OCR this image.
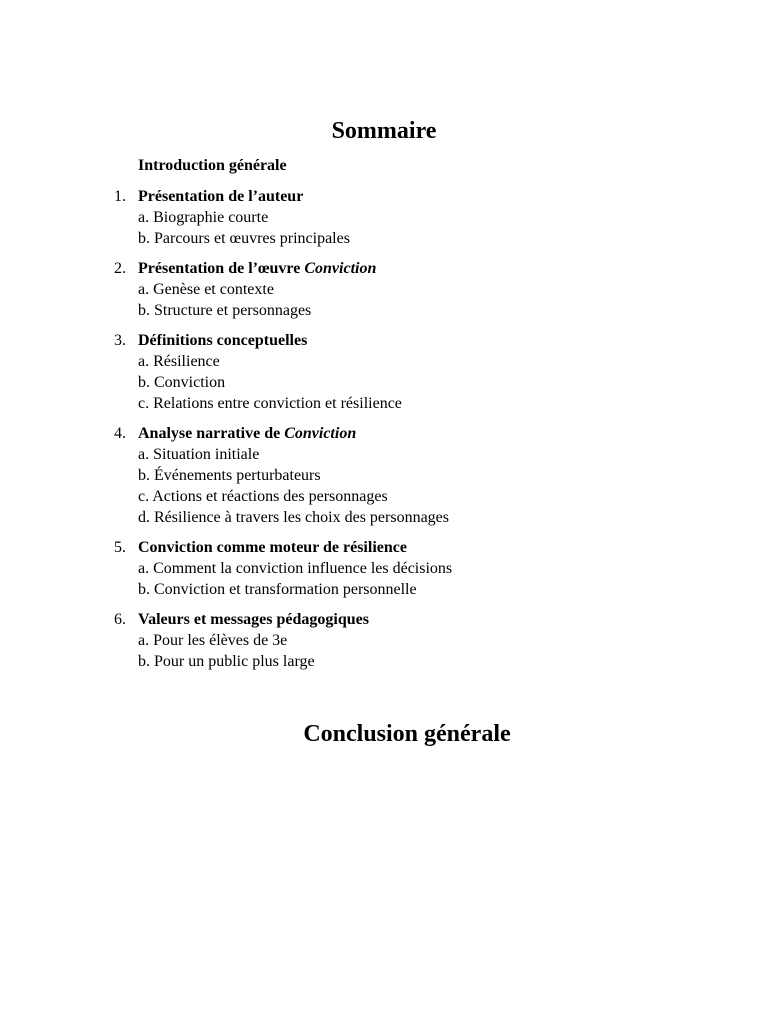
Sommaire

Introduction générale

1. Présentation de l’auteur
a. Biographie courte
b. Parcours et œuvres principales
2. Présentation de l’œuvre Conviction
a. Genèse et contexte
b. Structure et personnages
3. Définitions conceptuelles
a. Résilience
b. Conviction
c. Relations entre conviction et résilience
4. Analyse narrative de Conviction
a. Situation initiale
b. Événements perturbateurs
c. Actions et réactions des personnages
d. Résilience à travers les choix des personnages
5. Conviction comme moteur de résilience
a. Comment la conviction influence les décisions
b. Conviction et transformation personnelle
6. Valeurs et messages pédagogiques
a. Pour les élèves de 3e
b. Pour un public plus large
Conclusion générale
